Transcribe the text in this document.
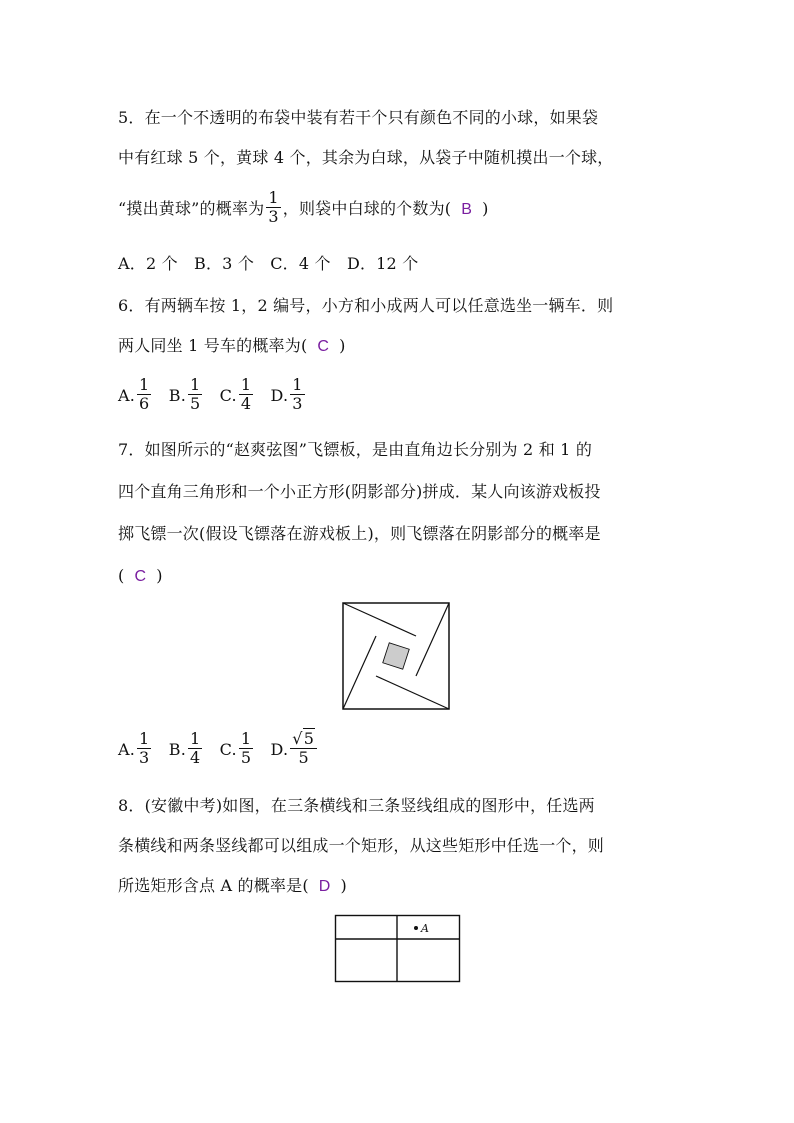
5．在一个不透明的布袋中装有若干个只有颜色不同的小球，如果袋
中有红球 5 个，黄球 4 个，其余为白球，从袋子中随机摸出一个球，
“摸出黄球”的概率为 $\frac{1}{3}$ ，则袋中白球的个数为( B )
A．2 个　B．3 个　C．4 个　D．12 个
6．有两辆车按 1，2 编号，小方和小成两人可以任意选坐一辆车．则
两人同坐 1 号车的概率为( C )
A. $\frac{1}{6} B$. $\frac{1}{5} C$. $\frac{1}{4} D$. $\frac{1}{3}$
7．如图所示的“赵爽弦图”飞镖板，是由直角边长分别为 2 和 1 的
四个直角三角形和一个小正方形(阴影部分)拼成．某人向该游戏板投
掷飞镖一次(假设飞镖落在游戏板上)，则飞镖落在阴影部分的概率是
( C )
A. $\frac{1}{3} B$. $\frac{1}{4} C$. $\frac{1}{5} D$. $\frac{√5}{5}$
8．(安徽中考)如图，在三条横线和三条竖线组成的图形中，任选两
条横线和两条竖线都可以组成一个矩形，从这些矩形中任选一个，则
所选矩形含点 A 的概率是( D )
A
